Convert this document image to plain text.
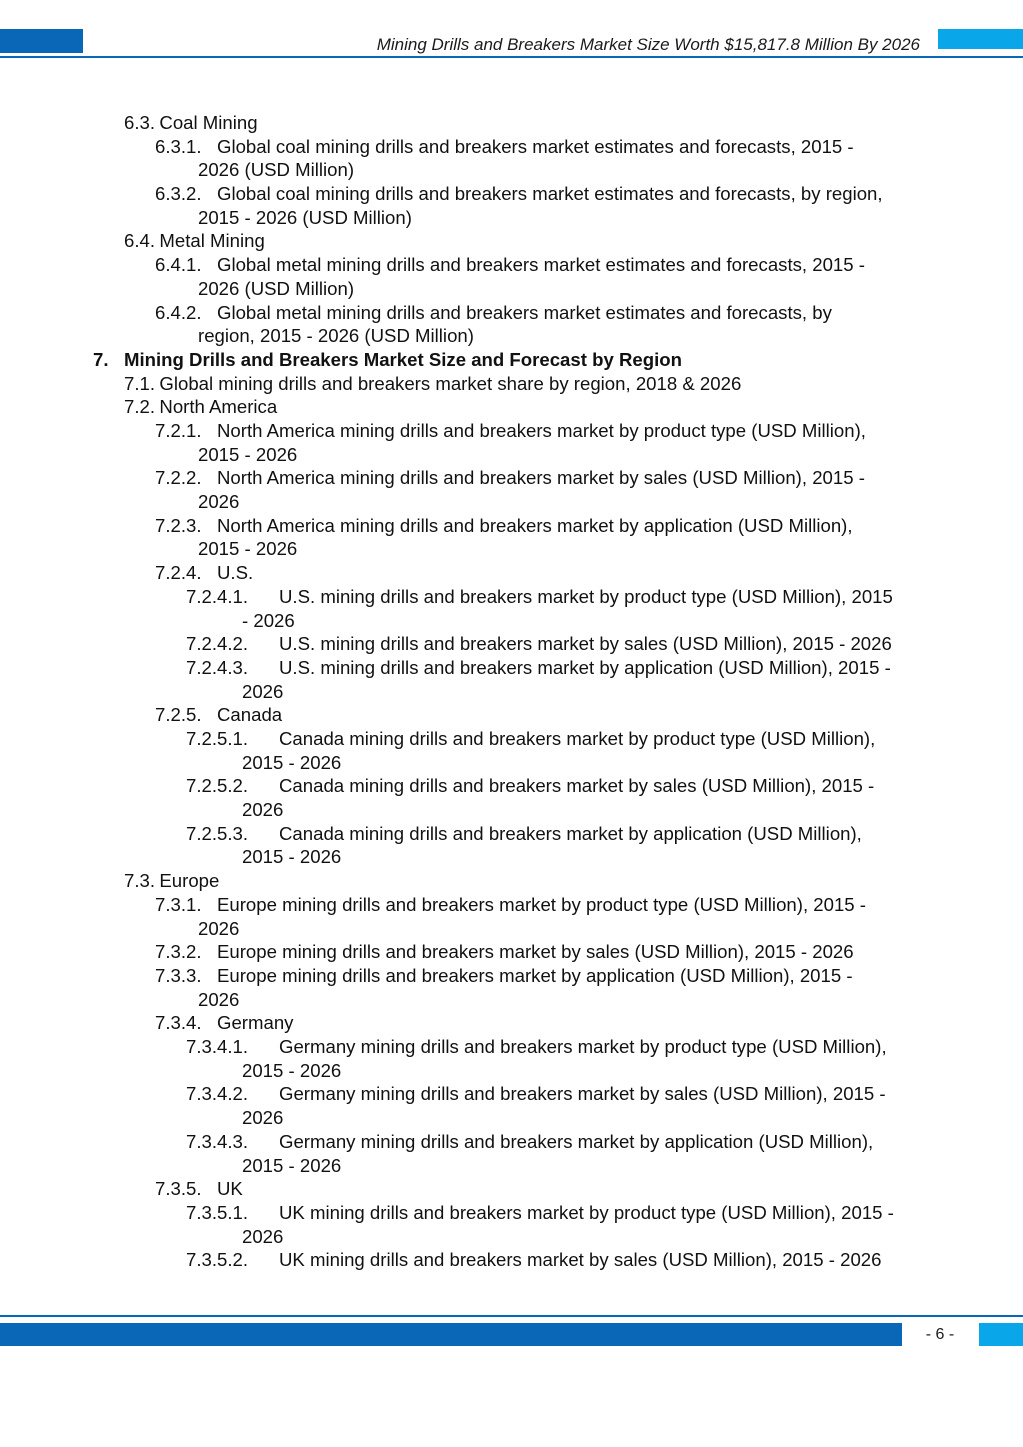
Mining Drills and Breakers Market Size Worth $15,817.8 Million By 2026
6.3. Coal Mining
6.3.1. Global coal mining drills and breakers market estimates and forecasts, 2015 -
2026 (USD Million)
6.3.2. Global coal mining drills and breakers market estimates and forecasts, by region,
2015 - 2026 (USD Million)
6.4. Metal Mining
6.4.1. Global metal mining drills and breakers market estimates and forecasts, 2015 -
2026 (USD Million)
6.4.2. Global metal mining drills and breakers market estimates and forecasts, by
region, 2015 - 2026 (USD Million)
7. Mining Drills and Breakers Market Size and Forecast by Region
7.1. Global mining drills and breakers market share by region, 2018 & 2026
7.2. North America
7.2.1. North America mining drills and breakers market by product type (USD Million),
2015 - 2026
7.2.2. North America mining drills and breakers market by sales (USD Million), 2015 -
2026
7.2.3. North America mining drills and breakers market by application (USD Million),
2015 - 2026
7.2.4. U.S.
7.2.4.1. U.S. mining drills and breakers market by product type (USD Million), 2015
- 2026
7.2.4.2. U.S. mining drills and breakers market by sales (USD Million), 2015 - 2026
7.2.4.3. U.S. mining drills and breakers market by application (USD Million), 2015 -
2026
7.2.5. Canada
7.2.5.1. Canada mining drills and breakers market by product type (USD Million),
2015 - 2026
7.2.5.2. Canada mining drills and breakers market by sales (USD Million), 2015 -
2026
7.2.5.3. Canada mining drills and breakers market by application (USD Million),
2015 - 2026
7.3. Europe
7.3.1. Europe mining drills and breakers market by product type (USD Million), 2015 -
2026
7.3.2. Europe mining drills and breakers market by sales (USD Million), 2015 - 2026
7.3.3. Europe mining drills and breakers market by application (USD Million), 2015 -
2026
7.3.4. Germany
7.3.4.1. Germany mining drills and breakers market by product type (USD Million),
2015 - 2026
7.3.4.2. Germany mining drills and breakers market by sales (USD Million), 2015 -
2026
7.3.4.3. Germany mining drills and breakers market by application (USD Million),
2015 - 2026
7.3.5. UK
7.3.5.1. UK mining drills and breakers market by product type (USD Million), 2015 -
2026
7.3.5.2. UK mining drills and breakers market by sales (USD Million), 2015 - 2026
- 6 -
